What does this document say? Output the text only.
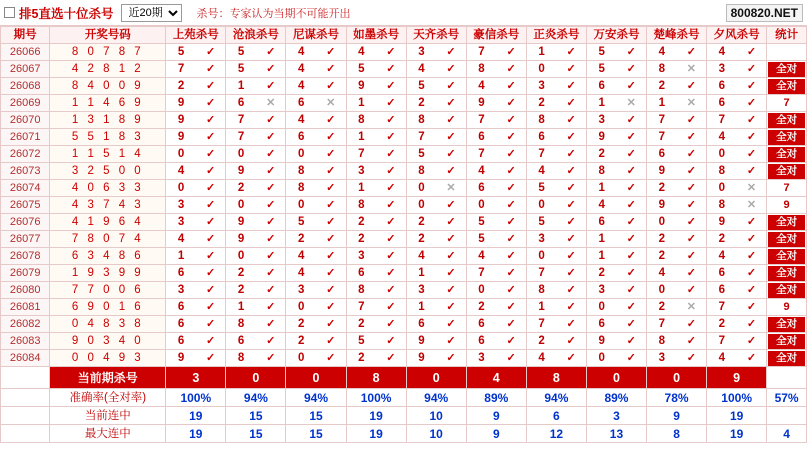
排5直选十位杀号
近20期	杀号：专家认为当期不可能开出	800820.NET
期号	开奖号码	上苑杀号	沧浪杀号	尼谋杀号	如墨杀号	天齐杀号	豪信杀号	正炎杀号	万安杀号	楚峰杀号	夕风杀号	统计
26066	8 0 7 8 7	5 ✓	5 ✓	4 ✓	4 ✓	3 ✓	7 ✓	1 ✓	5 ✓	4 ✓	4 ✓	

26067	4 2 8 1 2	7 ✓	5 ✓	4 ✓	5 ✓	4 ✓	8 ✓	0 ✓	5 ✓	8 ✕	3 ✓	全对

26068	8 4 0 0 9	2 ✓	1 ✓	4 ✓	9 ✓	5 ✓	4 ✓	3 ✓	6 ✓	2 ✓	6 ✓	全对

26069	1 1 4 6 9	9 ✓	6 ✕	6 ✕	1 ✓	2 ✓	9 ✓	2 ✓	1 ✕	1 ✕	6 ✓	7
26070	1 3 1 8 9	9 ✓	7 ✓	4 ✓	8 ✓	8 ✓	7 ✓	8 ✓	3 ✓	7 ✓	7 ✓	全对

26071	5 5 1 8 3	9 ✓	7 ✓	6 ✓	1 ✓	7 ✓	6 ✓	6 ✓	9 ✓	7 ✓	4 ✓	全对

26072	1 1 5 1 4	0 ✓	0 ✓	0 ✓	7 ✓	5 ✓	7 ✓	7 ✓	2 ✓	6 ✓	0 ✓	全对

26073	3 2 5 0 0	4 ✓	9 ✓	8 ✓	3 ✓	8 ✓	4 ✓	4 ✓	8 ✓	9 ✓	8 ✓	全对

26074	4 0 6 3 3	0 ✓	2 ✓	8 ✓	1 ✓	0 ✕	6 ✓	5 ✓	1 ✓	2 ✓	0 ✕	7
26075	4 3 7 4 3	3 ✓	0 ✓	0 ✓	8 ✓	0 ✓	0 ✓	0 ✓	4 ✓	9 ✓	8 ✕	9
26076	4 1 9 6 4	3 ✓	9 ✓	5 ✓	2 ✓	2 ✓	5 ✓	5 ✓	6 ✓	0 ✓	9 ✓	全对

26077	7 8 0 7 4	4 ✓	9 ✓	2 ✓	2 ✓	2 ✓	5 ✓	3 ✓	1 ✓	2 ✓	2 ✓	全对

26078	6 3 4 8 6	1 ✓	0 ✓	4 ✓	3 ✓	4 ✓	4 ✓	0 ✓	1 ✓	2 ✓	4 ✓	全对

26079	1 9 3 9 9	6 ✓	2 ✓	4 ✓	6 ✓	1 ✓	7 ✓	7 ✓	2 ✓	4 ✓	6 ✓	全对

26080	7 7 0 0 6	3 ✓	2 ✓	3 ✓	8 ✓	3 ✓	0 ✓	8 ✓	3 ✓	0 ✓	6 ✓	全对

26081	6 9 0 1 6	6 ✓	1 ✓	0 ✓	7 ✓	1 ✓	2 ✓	1 ✓	0 ✓	2 ✕	7 ✓	9
26082	0 4 8 3 8	6 ✓	8 ✓	2 ✓	2 ✓	6 ✓	6 ✓	7 ✓	6 ✓	7 ✓	2 ✓	全对

26083	9 0 3 4 0	6 ✓	6 ✓	2 ✓	5 ✓	9 ✓	6 ✓	2 ✓	9 ✓	8 ✓	7 ✓	全对

26084	0 0 4 9 3	9 ✓	8 ✓	0 ✓	2 ✓	9 ✓	3 ✓	4 ✓	0 ✓	3 ✓	4 ✓	全对

	当前期杀号	3	0	0	8	0	4	8	0	0	9	
	准确率(全对率)	100%	94%	94%	100%	94%	89%	94%	89%	78%	100%	57%
	当前连中	19	15	15	19	10	9	6	3	9	19	
	最大连中	19	15	15	19	10	9	12	13	8	19	4
